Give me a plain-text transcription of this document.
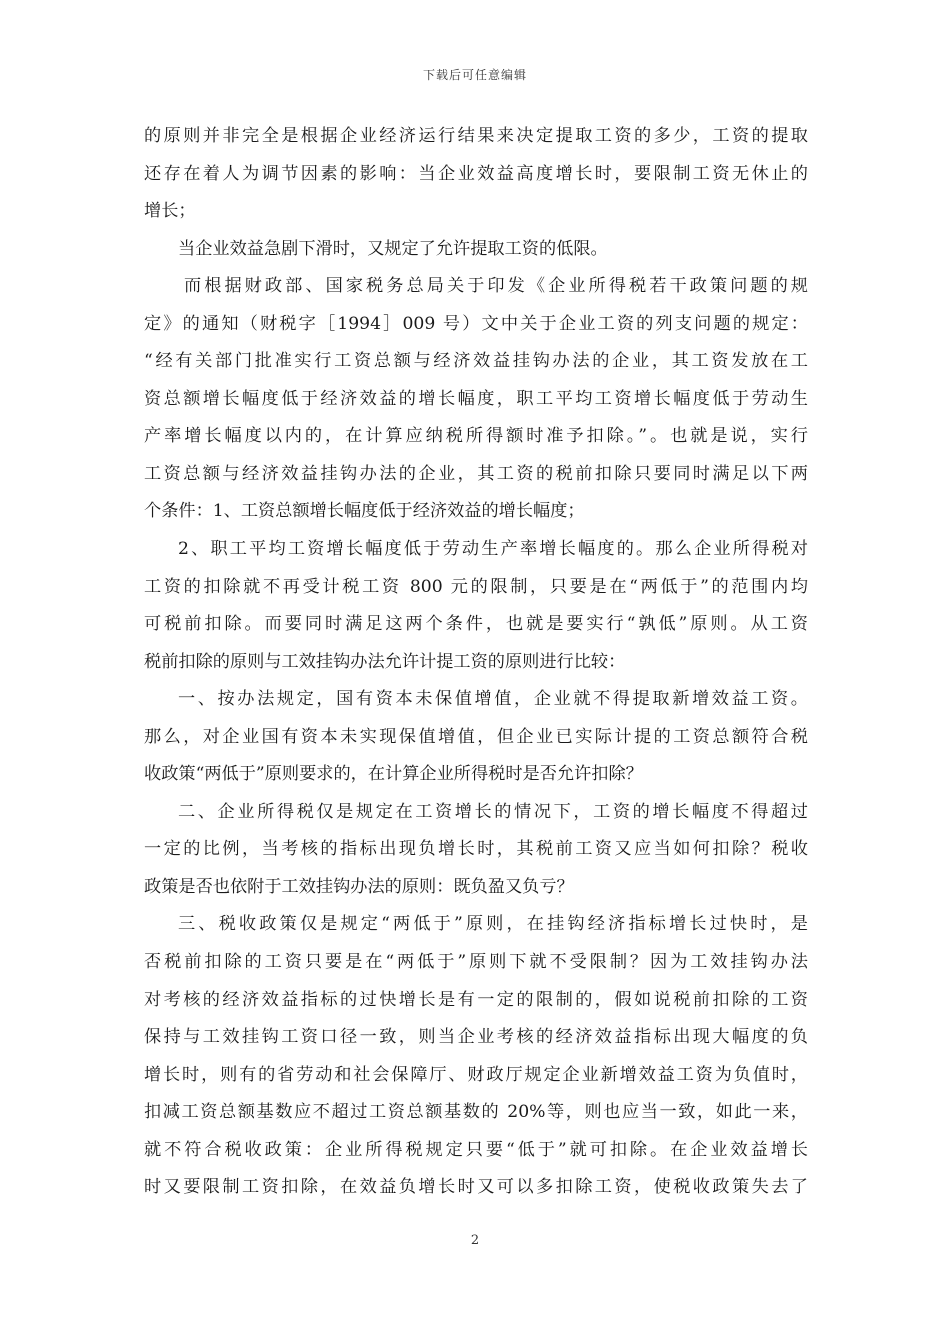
下载后可任意编辑
的原则并非完全是根据企业经济运行结果来决定提取工资的多少，工资的提取
还存在着人为调节因素的影响：当企业效益高度增长时，要限制工资无休止的
增长；
当企业效益急剧下滑时，又规定了允许提取工资的低限。
而根据财政部、国家税务总局关于印发《企业所得税若干政策问题的规
定》的通知（财税字［1994］009 号）文中关于企业工资的列支问题的规定：
“经有关部门批准实行工资总额与经济效益挂钩办法的企业，其工资发放在工
资总额增长幅度低于经济效益的增长幅度，职工平均工资增长幅度低于劳动生
产率增长幅度以内的，在计算应纳税所得额时准予扣除。”。也就是说，实行
工资总额与经济效益挂钩办法的企业，其工资的税前扣除只要同时满足以下两
个条件：1、工资总额增长幅度低于经济效益的增长幅度；
2、职工平均工资增长幅度低于劳动生产率增长幅度的。那么企业所得税对
工资的扣除就不再受计税工资 800 元的限制，只要是在“两低于”的范围内均
可税前扣除。而要同时满足这两个条件，也就是要实行“孰低”原则。从工资
税前扣除的原则与工效挂钩办法允许计提工资的原则进行比较：
一、按办法规定，国有资本未保值增值，企业就不得提取新增效益工资。
那么，对企业国有资本未实现保值增值，但企业已实际计提的工资总额符合税
收政策“两低于”原则要求的，在计算企业所得税时是否允许扣除？
二、企业所得税仅是规定在工资增长的情况下，工资的增长幅度不得超过
一定的比例，当考核的指标出现负增长时，其税前工资又应当如何扣除？税收
政策是否也依附于工效挂钩办法的原则：既负盈又负亏？
三、税收政策仅是规定“两低于”原则，在挂钩经济指标增长过快时，是
否税前扣除的工资只要是在“两低于”原则下就不受限制？因为工效挂钩办法
对考核的经济效益指标的过快增长是有一定的限制的，假如说税前扣除的工资
保持与工效挂钩工资口径一致，则当企业考核的经济效益指标出现大幅度的负
增长时，则有的省劳动和社会保障厅、财政厅规定企业新增效益工资为负值时，
扣减工资总额基数应不超过工资总额基数的 20%等，则也应当一致，如此一来，
就不符合税收政策：企业所得税规定只要“低于”就可扣除。在企业效益增长
时又要限制工资扣除，在效益负增长时又可以多扣除工资，使税收政策失去了
2
